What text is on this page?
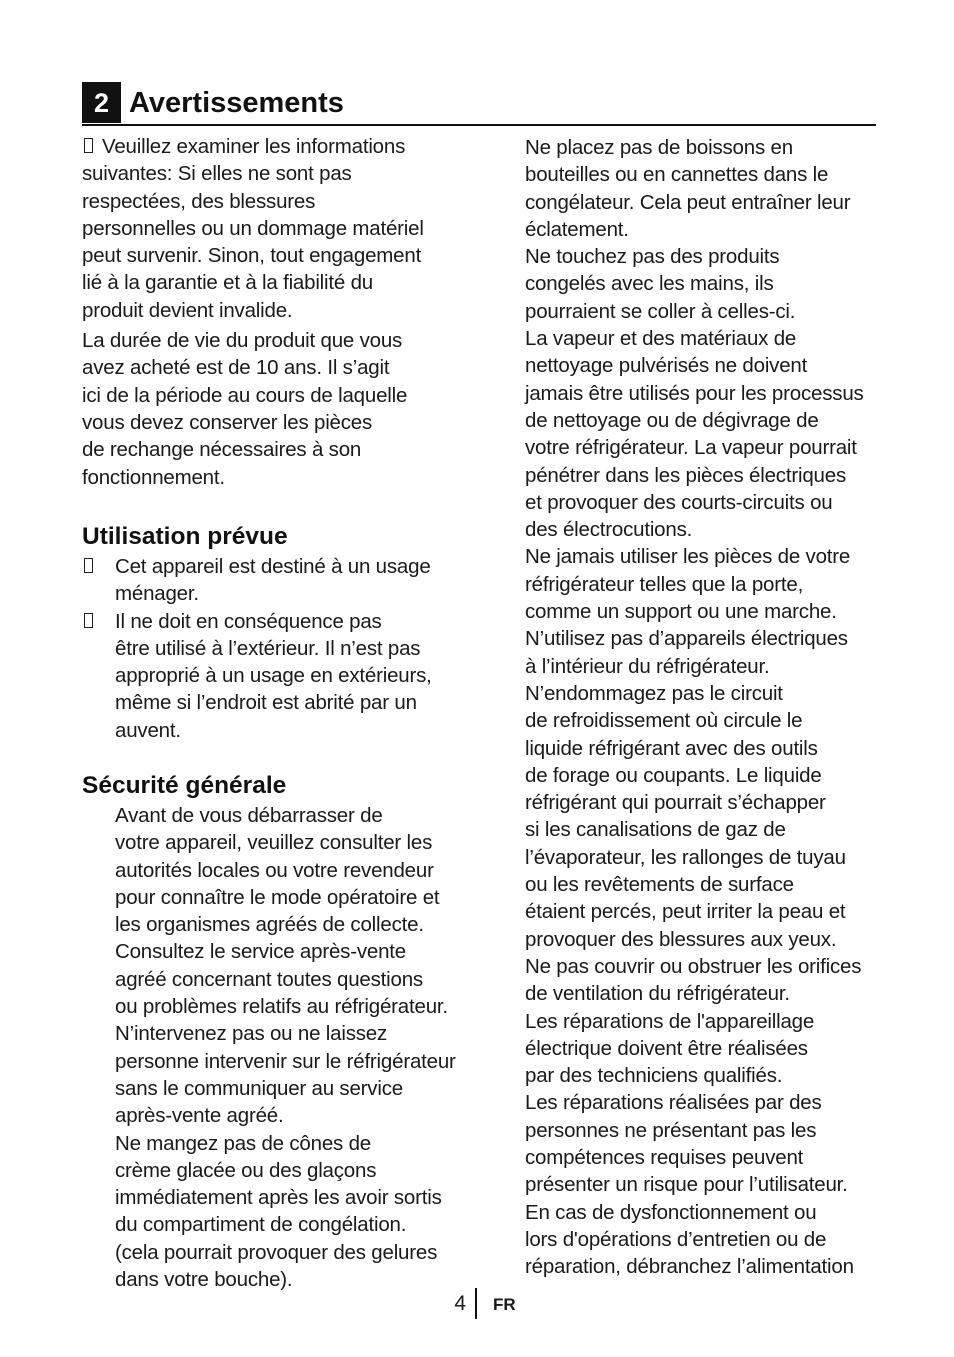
2 Avertissements

Veuillez examiner les informations
suivantes: Si elles ne sont pas
respectées, des blessures
personnelles ou un dommage matériel
peut survenir. Sinon, tout engagement
lié à la garantie et à la fiabilité du
produit devient invalide.

La durée de vie du produit que vous
avez acheté est de 10 ans. Il s’agit
ici de la période au cours de laquelle
vous devez conserver les pièces
de rechange nécessaires à son
fonctionnement.

Utilisation prévue

Cet appareil est destiné à un usage
ménager.

Il ne doit en conséquence pas
être utilisé à l’extérieur. Il n’est pas
approprié à un usage en extérieurs,
même si l’endroit est abrité par un
auvent.

Sécurité générale

Avant de vous débarrasser de
votre appareil, veuillez consulter les
autorités locales ou votre revendeur
pour connaître le mode opératoire et
les organismes agréés de collecte.
Consultez le service après-vente
agréé concernant toutes questions
ou problèmes relatifs au réfrigérateur.
N’intervenez pas ou ne laissez
personne intervenir sur le réfrigérateur
sans le communiquer au service
après-vente agréé.
Ne mangez pas de cônes de
crème glacée ou des glaçons
immédiatement après les avoir sortis
du compartiment de congélation.
(cela pourrait provoquer des gelures
dans votre bouche).

Ne placez pas de boissons en
bouteilles ou en cannettes dans le
congélateur. Cela peut entraîner leur
éclatement.
Ne touchez pas des produits
congelés avec les mains, ils
pourraient se coller à celles-ci.
La vapeur et des matériaux de
nettoyage pulvérisés ne doivent
jamais être utilisés pour les processus
de nettoyage ou de dégivrage de
votre réfrigérateur. La vapeur pourrait
pénétrer dans les pièces électriques
et provoquer des courts-circuits ou
des électrocutions.
Ne jamais utiliser les pièces de votre
réfrigérateur telles que la porte,
comme un support ou une marche.
N’utilisez pas d’appareils électriques
à l’intérieur du réfrigérateur.
N’endommagez pas le circuit
de refroidissement où circule le
liquide réfrigérant avec des outils
de forage ou coupants. Le liquide
réfrigérant qui pourrait s’échapper
si les canalisations de gaz de
l’évaporateur, les rallonges de tuyau
ou les revêtements de surface
étaient percés, peut irriter la peau et
provoquer des blessures aux yeux.
Ne pas couvrir ou obstruer les orifices
de ventilation du réfrigérateur.
Les réparations de l'appareillage
électrique doivent être réalisées
par des techniciens qualifiés.
Les réparations réalisées par des
personnes ne présentant pas les
compétences requises peuvent
présenter un risque pour l’utilisateur.
En cas de dysfonctionnement ou
lors d'opérations d’entretien ou de
réparation, débranchez l’alimentation

4 FR
